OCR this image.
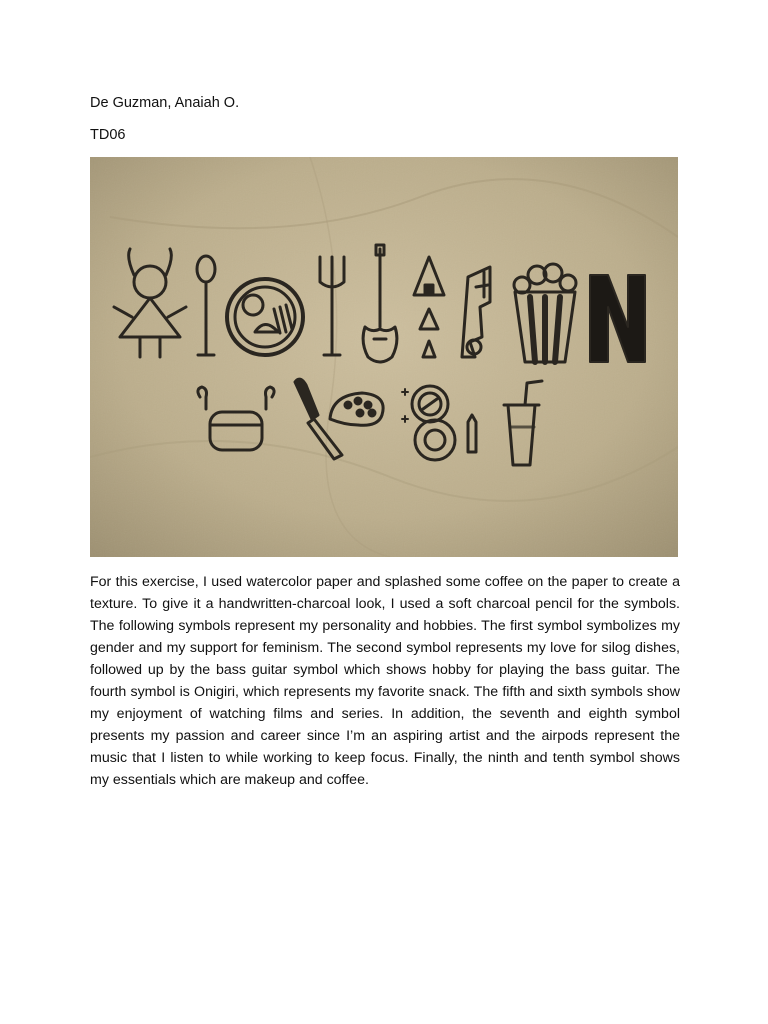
De Guzman, Anaiah O.
TD06
For this exercise, I used watercolor paper and splashed some coffee on the paper to create a texture. To give it a handwritten-charcoal look, I used a soft charcoal pencil for the symbols. The following symbols represent my personality and hobbies. The first symbol symbolizes my gender and my support for feminism. The second symbol represents my love for silog dishes, followed up by the bass guitar symbol which shows hobby for playing the bass guitar. The fourth symbol is Onigiri, which represents my favorite snack. The fifth and sixth symbols show my enjoyment of watching films and series. In addition, the seventh and eighth symbol presents my passion and career since I’m an aspiring artist and the airpods represent the music that I listen to while working to keep focus. Finally, the ninth and tenth symbol shows my essentials which are makeup and coffee.
